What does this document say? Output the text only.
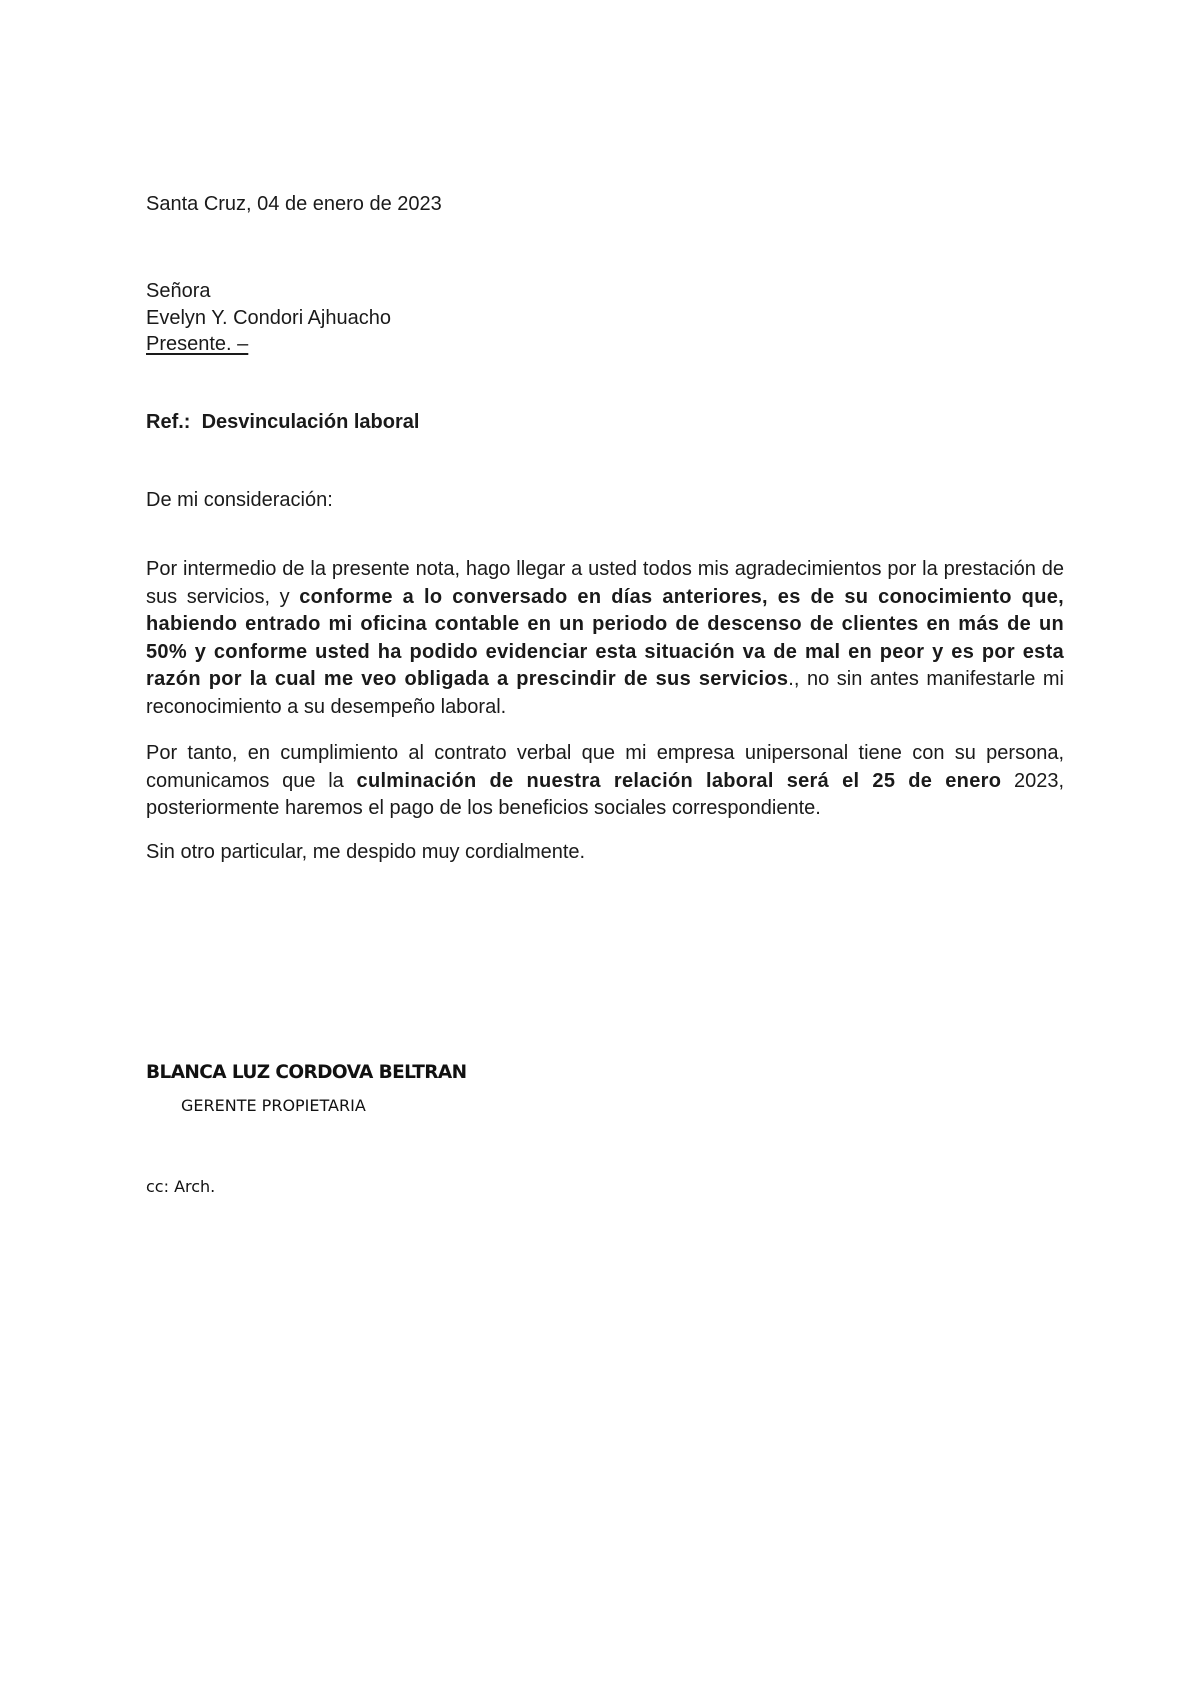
Santa Cruz, 04 de enero de 2023
Señora
Evelyn Y. Condori Ajhuacho
Presente. –
Ref.: Desvinculación laboral
De mi consideración:

Por intermedio de la presente nota, hago llegar a usted todos mis agradecimientos por la prestación de sus servicios, y conforme a lo conversado en días anteriores, es de su conocimiento que, habiendo entrado mi oficina contable en un periodo de descenso de clientes en más de un 50% y conforme usted ha podido evidenciar esta situación va de mal en peor y es por esta razón por la cual me veo obligada a prescindir de sus servicios., no sin antes manifestarle mi reconocimiento a su desempeño laboral.

Por tanto, en cumplimiento al contrato verbal que mi empresa unipersonal tiene con su persona, comunicamos que la culminación de nuestra relación laboral será el 25 de enero 2023, posteriormente haremos el pago de los beneficios sociales correspondiente.

Sin otro particular, me despido muy cordialmente.
BLANCA LUZ CORDOVA BELTRAN
GERENTE PROPIETARIA
cc: Arch.
